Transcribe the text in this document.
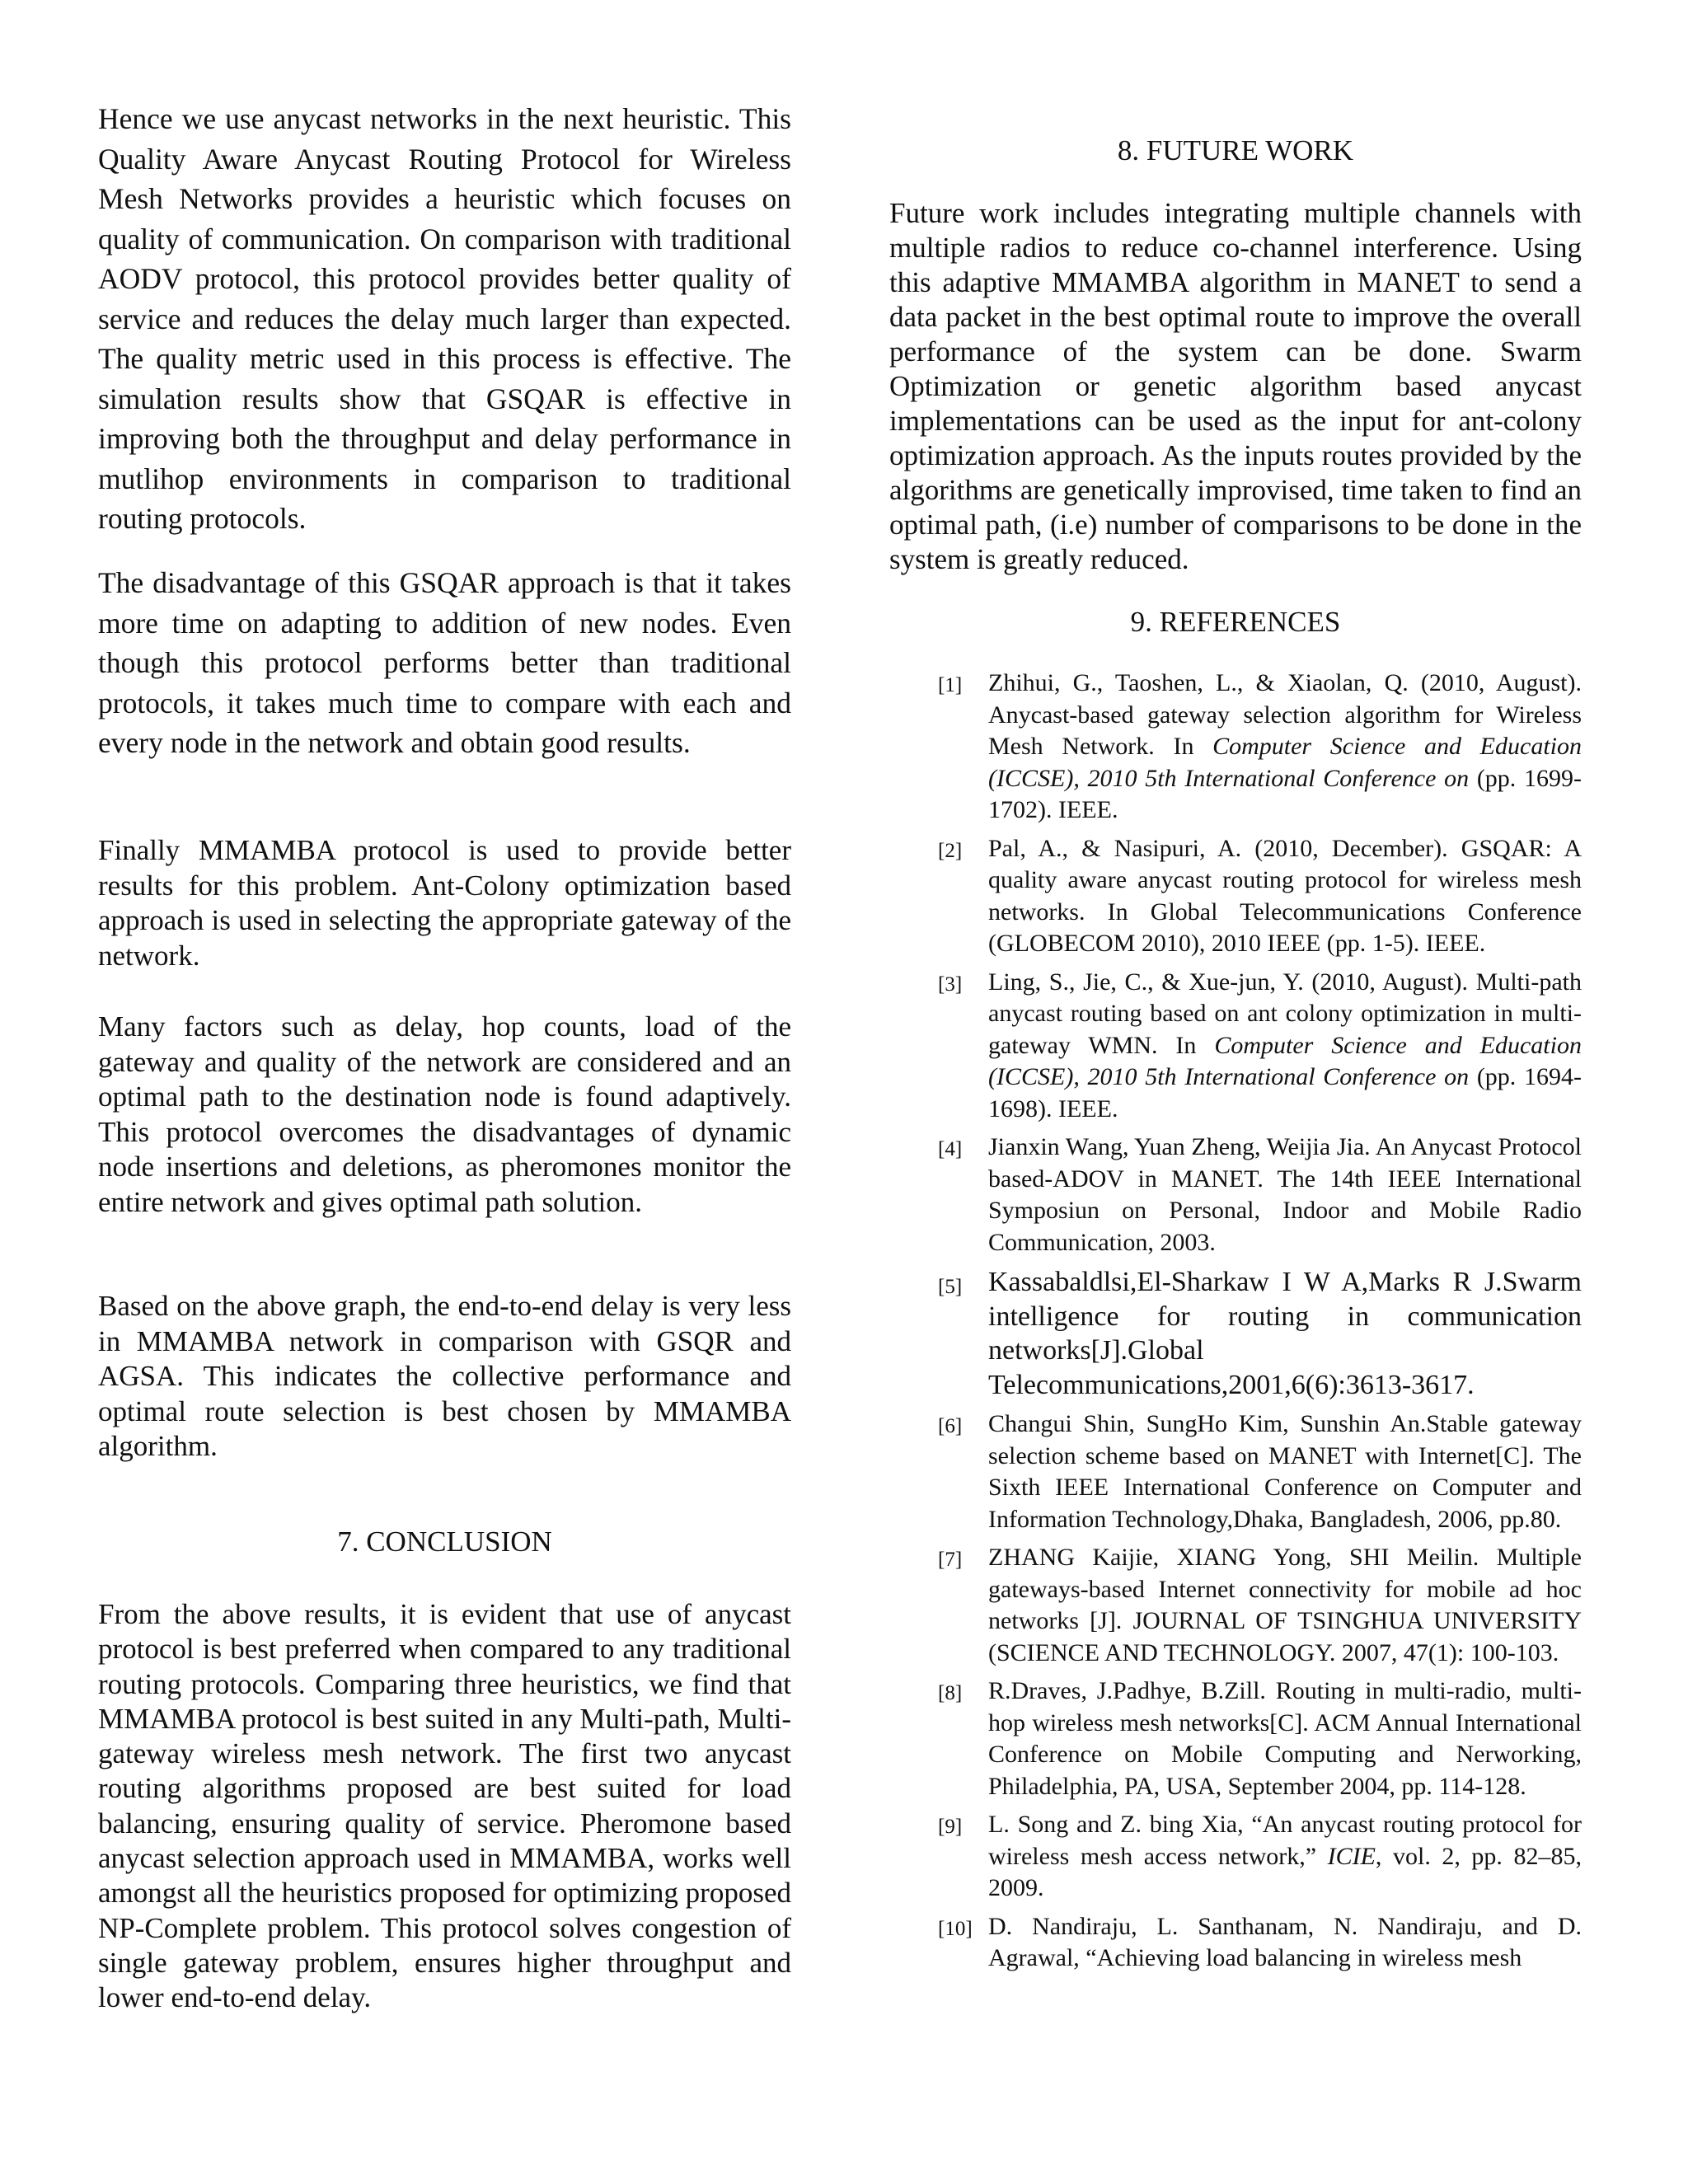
Hence we use anycast networks in the next heuristic. This Quality Aware Anycast Routing Protocol for Wireless Mesh Networks provides a heuristic which focuses on quality of communication. On comparison with traditional AODV protocol, this protocol provides better quality of service and reduces the delay much larger than expected. The quality metric used in this process is effective. The simulation results show that GSQAR is effective in improving both the throughput and delay performance in mutlihop environments in comparison to traditional routing protocols.

The disadvantage of this GSQAR approach is that it takes more time on adapting to addition of new nodes. Even though this protocol performs better than traditional protocols, it takes much time to compare with each and every node in the network and obtain good results.

Finally MMAMBA protocol is used to provide better results for this problem. Ant-Colony optimization based approach is used in selecting the appropriate gateway of the network.

Many factors such as delay, hop counts, load of the gateway and quality of the network are considered and an optimal path to the destination node is found adaptively. This protocol overcomes the disadvantages of dynamic node insertions and deletions, as pheromones monitor the entire network and gives optimal path solution.

Based on the above graph, the end-to-end delay is very less in MMAMBA network in comparison with GSQR and AGSA. This indicates the collective performance and optimal route selection is best chosen by MMAMBA algorithm.

7. CONCLUSION

From the above results, it is evident that use of anycast protocol is best preferred when compared to any traditional routing protocols. Comparing three heuristics, we find that MMAMBA protocol is best suited in any Multi-path, Multi-gateway wireless mesh network. The first two anycast routing algorithms proposed are best suited for load balancing, ensuring quality of service. Pheromone based anycast selection approach used in MMAMBA, works well amongst all the heuristics proposed for optimizing proposed NP-Complete problem. This protocol solves congestion of single gateway problem, ensures higher throughput and lower end-to-end delay.

8. FUTURE WORK

Future work includes integrating multiple channels with multiple radios to reduce co-channel interference. Using this adaptive MMAMBA algorithm in MANET to send a data packet in the best optimal route to improve the overall performance of the system can be done. Swarm Optimization or genetic algorithm based anycast implementations can be used as the input for ant-colony optimization approach. As the inputs routes provided by the algorithms are genetically improvised, time taken to find an optimal path, (i.e) number of comparisons to be done in the system is greatly reduced.

9. REFERENCES
[1] Zhihui, G., Taoshen, L., & Xiaolan, Q. (2010, August). Anycast-based gateway selection algorithm for Wireless Mesh Network. In Computer Science and Education (ICCSE), 2010 5th International Conference on (pp. 1699-1702). IEEE.
[2] Pal, A., & Nasipuri, A. (2010, December). GSQAR: A quality aware anycast routing protocol for wireless mesh networks. In Global Telecommunications Conference (GLOBECOM 2010), 2010 IEEE (pp. 1-5). IEEE.
[3] Ling, S., Jie, C., & Xue-jun, Y. (2010, August). Multi-path anycast routing based on ant colony optimization in multi-gateway WMN. In Computer Science and Education (ICCSE), 2010 5th International Conference on (pp. 1694-1698). IEEE.
[4] Jianxin Wang, Yuan Zheng, Weijia Jia. An Anycast Protocol based-ADOV in MANET. The 14th IEEE International Symposiun on Personal, Indoor and Mobile Radio Communication, 2003.
[5] Kassabaldlsi,El-Sharkaw I W A,Marks R J.Swarm intelligence for routing in communication networks[J].Global Telecommunications,2001,6(6):3613-3617.
[6] Changui Shin, SungHo Kim, Sunshin An.Stable gateway selection scheme based on MANET with Internet[C]. The Sixth IEEE International Conference on Computer and Information Technology,Dhaka, Bangladesh, 2006, pp.80.
[7] ZHANG Kaijie, XIANG Yong, SHI Meilin. Multiple gateways-based Internet connectivity for mobile ad hoc networks [J]. JOURNAL OF TSINGHUA UNIVERSITY (SCIENCE AND TECHNOLOGY. 2007, 47(1): 100-103.
[8] R.Draves, J.Padhye, B.Zill. Routing in multi-radio, multi-hop wireless mesh networks[C]. ACM Annual International Conference on Mobile Computing and Nerworking, Philadelphia, PA, USA, September 2004, pp. 114-128.
[9] L. Song and Z. bing Xia, “An anycast routing protocol for wireless mesh access network,” ICIE, vol. 2, pp. 82–85, 2009.
[10] D. Nandiraju, L. Santhanam, N. Nandiraju, and D. Agrawal, “Achieving load balancing in wireless mesh
